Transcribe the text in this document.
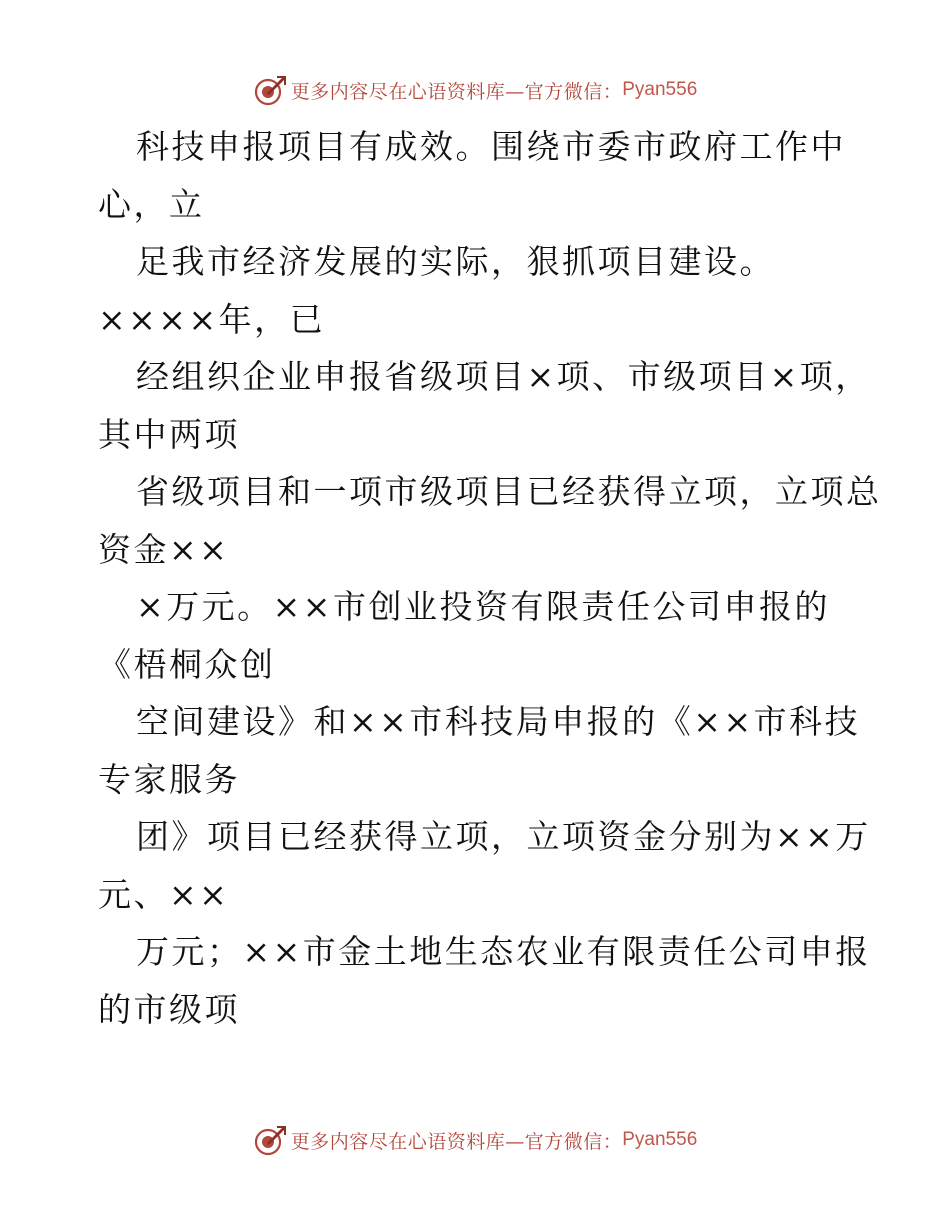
更多内容尽在心语资料库—官方微信： Pyan556
科技申报项目有成效。围绕市委市政府工作中
心，立
足我市经济发展的实际，狠抓项目建设。
××××年，已
经组织企业申报省级项目×项、市级项目×项，
其中两项
省级项目和一项市级项目已经获得立项，立项总
资金××
×万元。××市创业投资有限责任公司申报的
《梧桐众创
空间建设》和××市科技局申报的《××市科技
专家服务
团》项目已经获得立项，立项资金分别为××万
元、××
万元；××市金土地生态农业有限责任公司申报
的市级项
更多内容尽在心语资料库—官方微信： Pyan556
